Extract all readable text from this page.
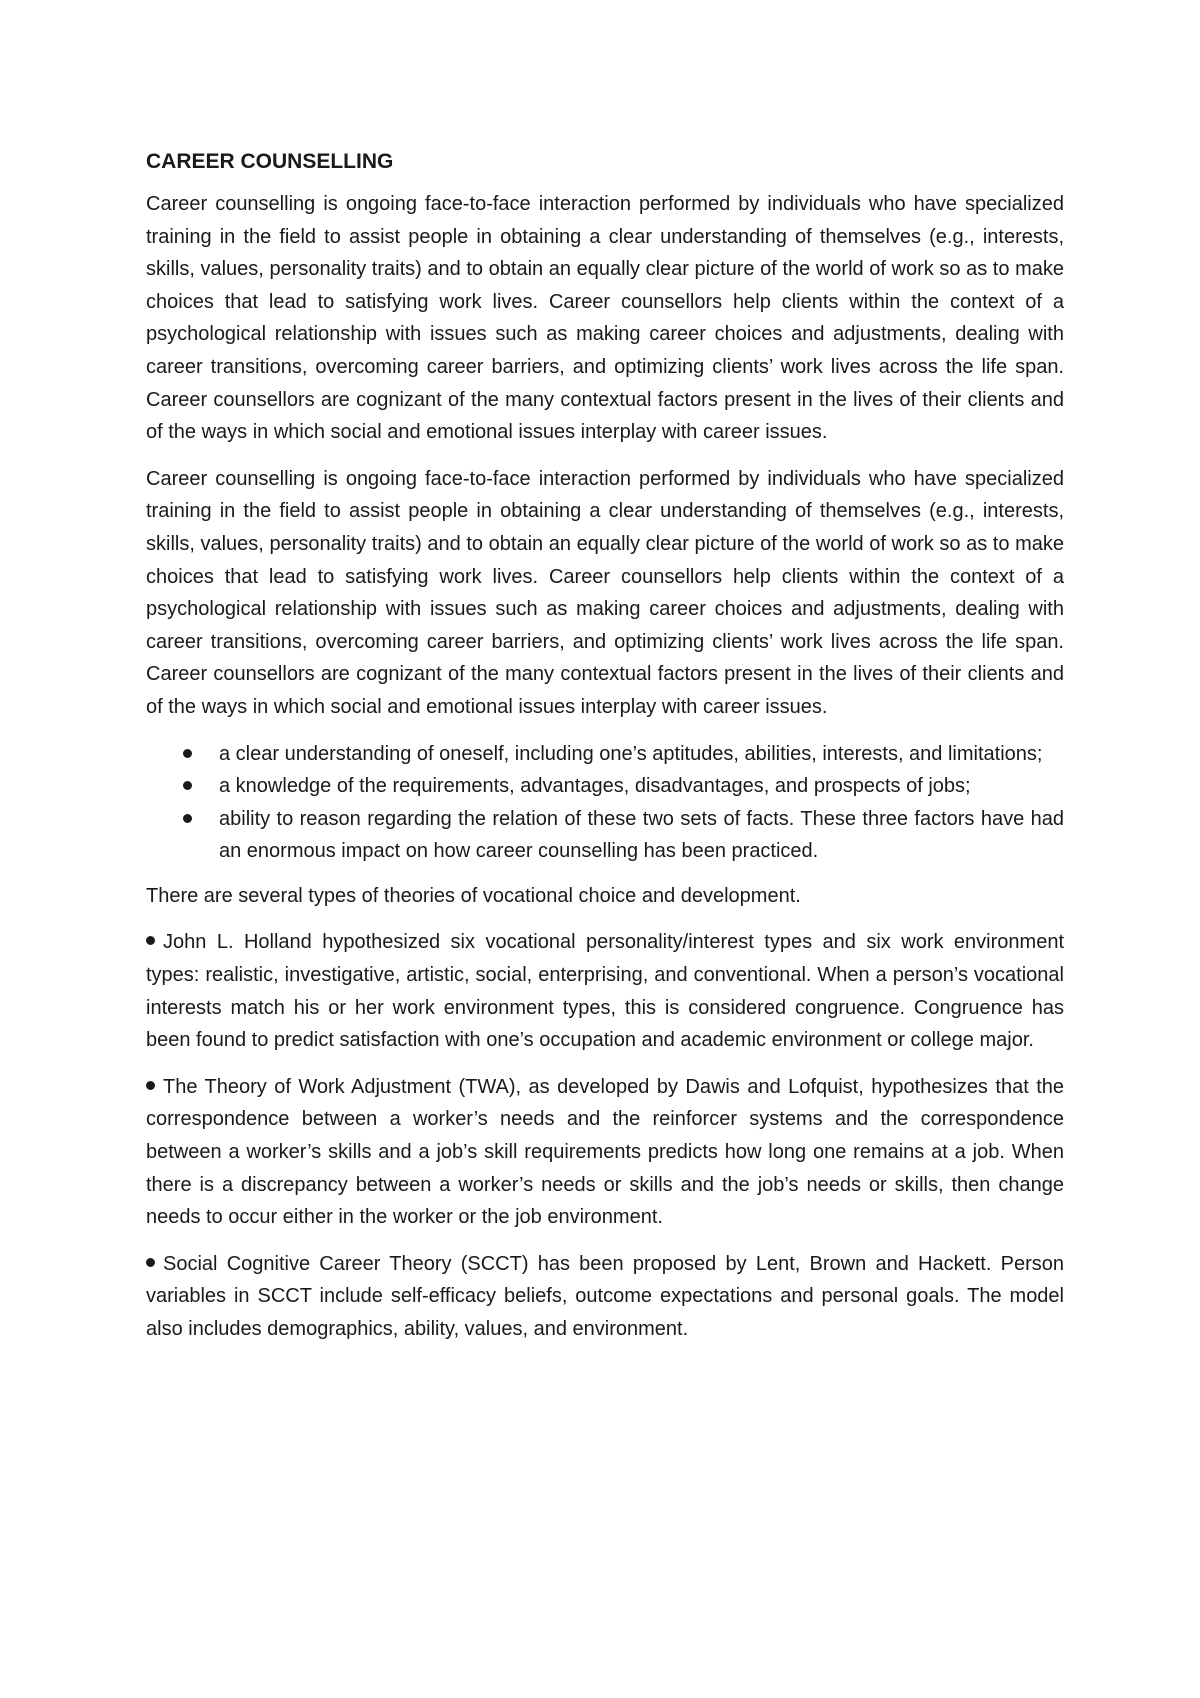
CAREER COUNSELLING

Career counselling is ongoing face-to-face interaction performed by individuals who have specialized training in the field to assist people in obtaining a clear understanding of themselves (e.g., interests, skills, values, personality traits) and to obtain an equally clear picture of the world of work so as to make choices that lead to satisfying work lives. Career counsellors help clients within the context of a psychological relationship with issues such as making career choices and adjustments, dealing with career transitions, overcoming career barriers, and optimizing clients’ work lives across the life span. Career counsellors are cognizant of the many contextual factors present in the lives of their clients and of the ways in which social and emotional issues interplay with career issues.

Career counselling is ongoing face-to-face interaction performed by individuals who have specialized training in the field to assist people in obtaining a clear understanding of themselves (e.g., interests, skills, values, personality traits) and to obtain an equally clear picture of the world of work so as to make choices that lead to satisfying work lives. Career counsellors help clients within the context of a psychological relationship with issues such as making career choices and adjustments, dealing with career transitions, overcoming career barriers, and optimizing clients’ work lives across the life span. Career counsellors are cognizant of the many contextual factors present in the lives of their clients and of the ways in which social and emotional issues interplay with career issues.

a clear understanding of oneself, including one’s aptitudes, abilities, interests, and limitations;
a knowledge of the requirements, advantages, disadvantages, and prospects of jobs;
ability to reason regarding the relation of these two sets of facts. These three factors have had an enormous impact on how career counselling has been practiced.

There are several types of theories of vocational choice and development.

John L. Holland hypothesized six vocational personality/interest types and six work environment types: realistic, investigative, artistic, social, enterprising, and conventional. When a person’s vocational interests match his or her work environment types, this is considered congruence. Congruence has been found to predict satisfaction with one’s occupation and academic environment or college major.

The Theory of Work Adjustment (TWA), as developed by Dawis and Lofquist, hypothesizes that the correspondence between a worker’s needs and the reinforcer systems and the correspondence between a worker’s skills and a job’s skill requirements predicts how long one remains at a job. When there is a discrepancy between a worker’s needs or skills and the job’s needs or skills, then change needs to occur either in the worker or the job environment.

Social Cognitive Career Theory (SCCT) has been proposed by Lent, Brown and Hackett. Person variables in SCCT include self-efficacy beliefs, outcome expectations and personal goals. The model also includes demographics, ability, values, and environment.
